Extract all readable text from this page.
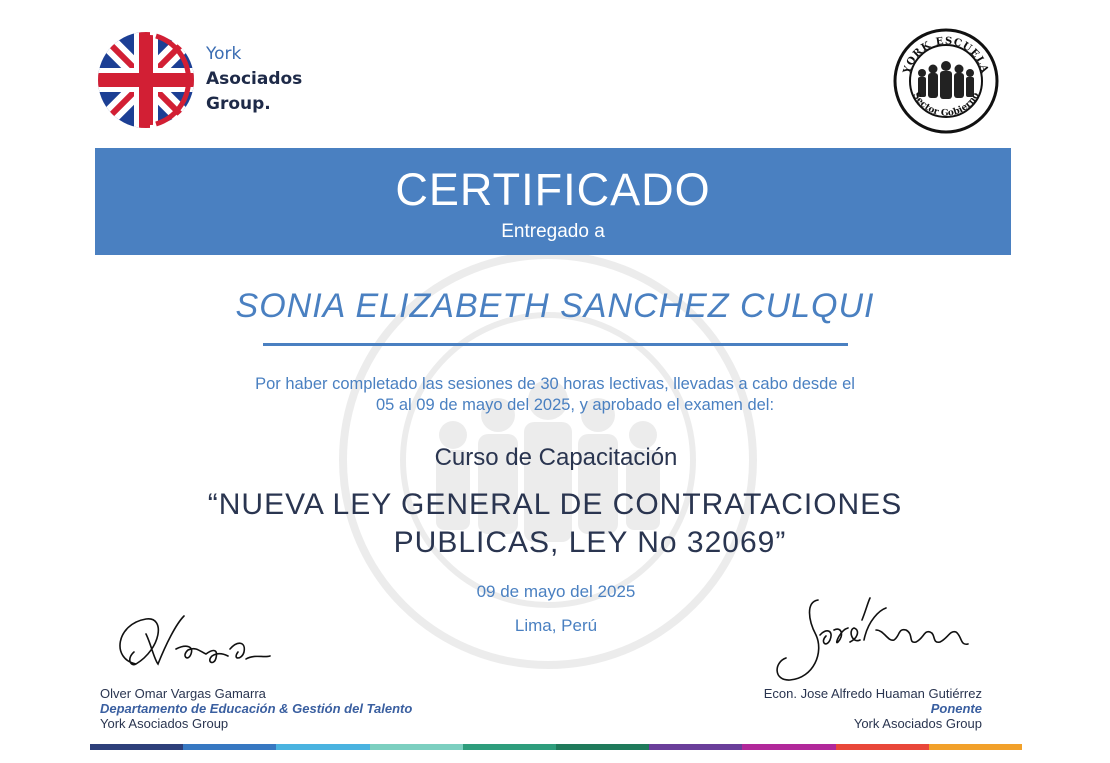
York
Asociados
Group.
YORK ESCUELA
Sector Gobierno
CERTIFICADO
Entregado a
SONIA ELIZABETH SANCHEZ CULQUI
Por haber completado las sesiones de 30 horas lectivas, llevadas a cabo desde el
05 al 09 de mayo del 2025, y aprobado el examen del:
Curso de Capacitación
“NUEVA LEY GENERAL DE CONTRATACIONES
PUBLICAS, LEY No 32069”
09 de mayo del 2025
Lima, Perú
Olver Omar Vargas Gamarra
Departamento de Educación & Gestión del Talento
York Asociados Group
Econ. Jose Alfredo Huaman Gutiérrez
Ponente
York Asociados Group
